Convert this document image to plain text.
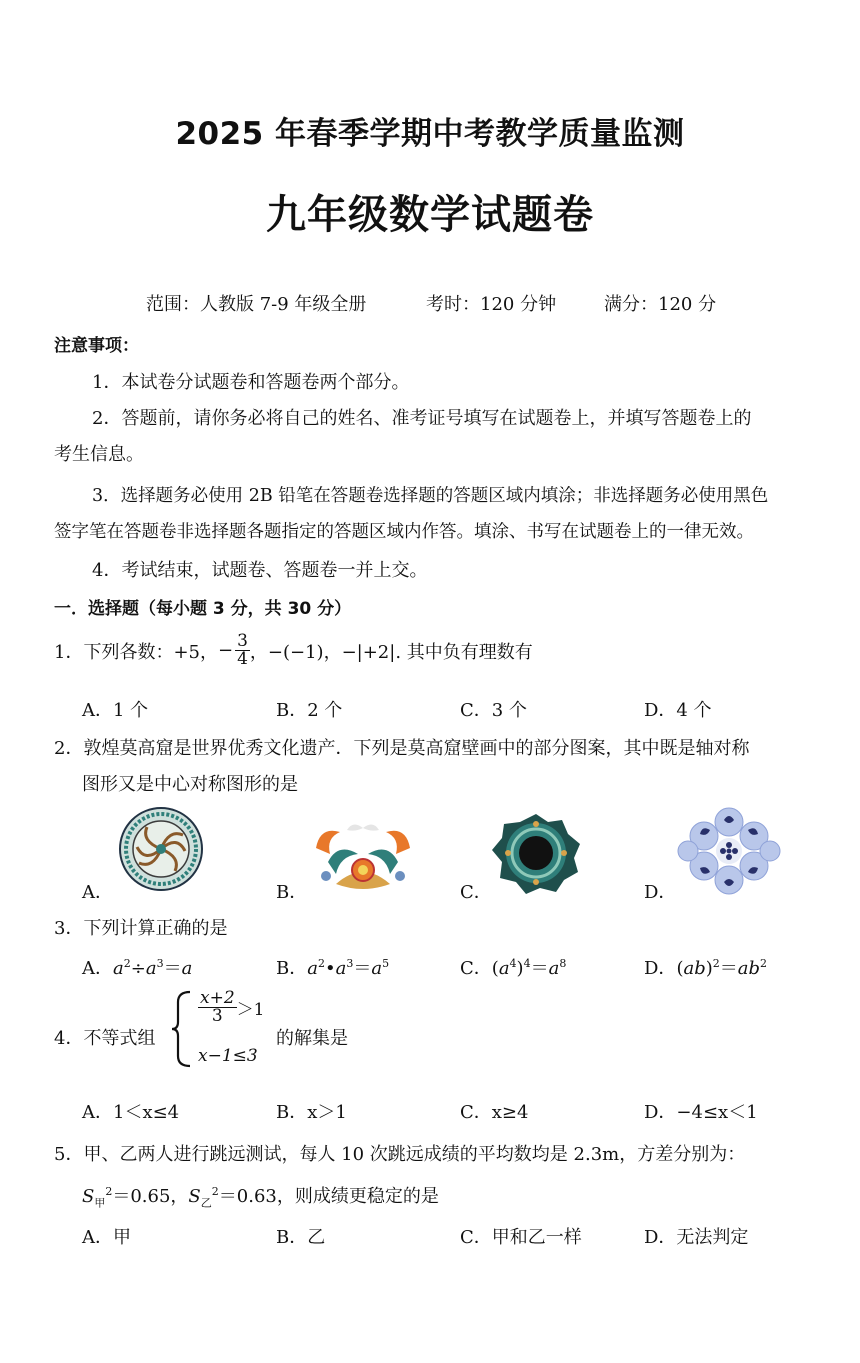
2025 年春季学期中考教学质量监测
九年级数学试题卷
范围：人教版 7-9 年级全册	考时：120 分钟	满分：120 分
注意事项：
1．本试卷分试题卷和答题卷两个部分。
2．答题前，请你务必将自己的姓名、准考证号填写在试题卷上，并填写答题卷上的
考生信息。
3．选择题务必使用 2B 铅笔在答题卷选择题的答题区域内填涂；非选择题务必使用黑色
签字笔在答题卷非选择题各题指定的答题区域内作答。填涂、书写在试题卷上的一律无效。
4．考试结束，试题卷、答题卷一并上交。
一．选择题（每小题 3 分，共 30 分）
1．下列各数：+5， − $\frac{3}{4}$ ，−(−1)，−|+2|. 其中负有理数有
A．1 个	B．2 个	C．3 个	D．4 个
2．敦煌莫高窟是世界优秀文化遗产．下列是莫高窟壁画中的部分图案，其中既是轴对称
图形又是中心对称图形的是
A．	B．	C．	D．
3．下列计算正确的是
A．$a^2\div a^3=a$	B．$a^2•a^3=a^5$	C．$(a^4)^4=a^8$	D．$(ab)^2=ab^2$
4．不等式组
$\frac{x+2}{3} >1$
x−1≤3
的解集是
A．1＜x≤4	B．x＞1	C．x≥4	D．−4≤x＜1
5．甲、乙两人进行跳远测试，每人 10 次跳远成绩的平均数均是 2.3m，方差分别为：
$S_甲^2=0.65$，$S_乙^2=0.63$，则成绩更稳定的是
A．甲	B．乙	C．甲和乙一样	D．无法判定
